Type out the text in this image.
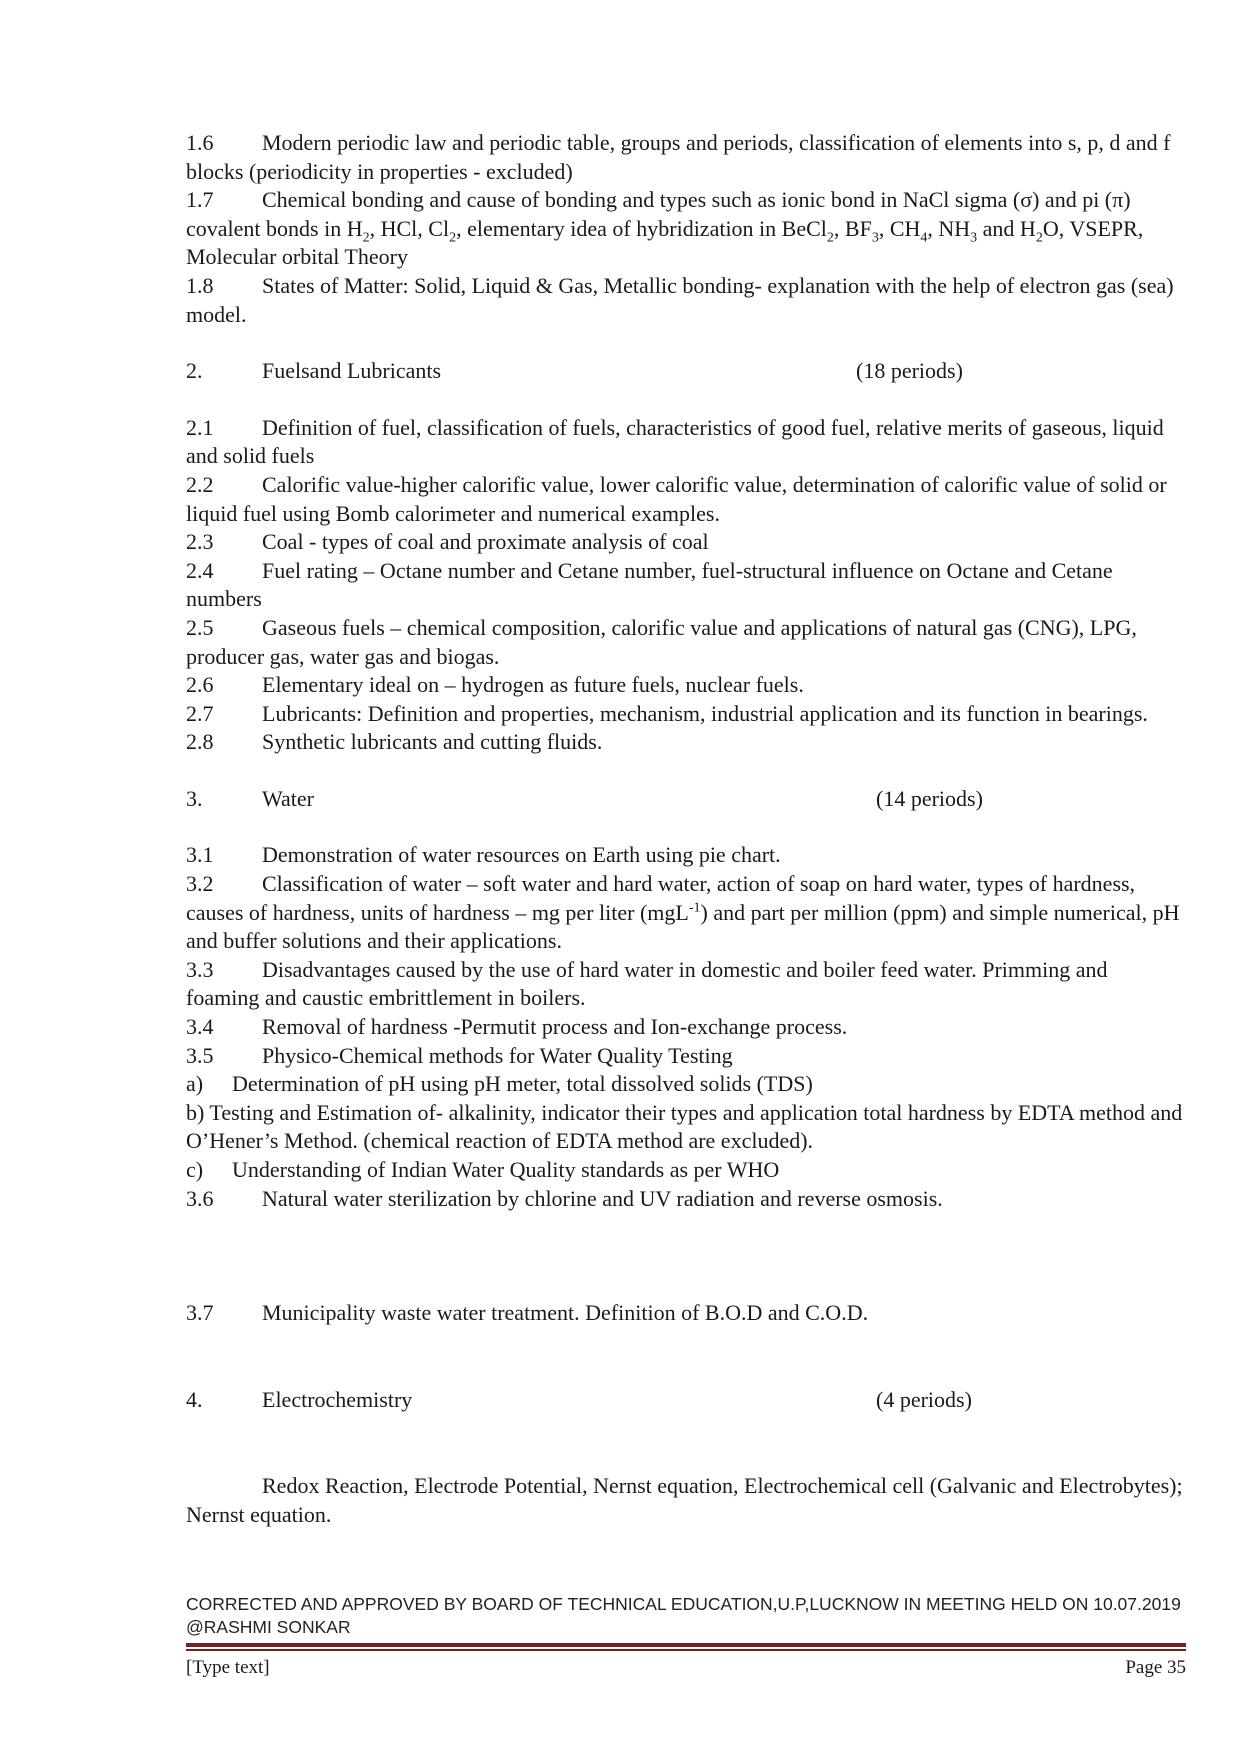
1.6 Modern periodic law and periodic table, groups and periods, classification of elements into s, p, d and f blocks (periodicity in properties - excluded)

1.7 Chemical bonding and cause of bonding and types such as ionic bond in NaCl sigma (σ) and pi (π) covalent bonds in $H_2$, HCl, $Cl_2$, elementary idea of hybridization in BeCl$_2$, $BF_3$, $CH_4$, $NH_3$ and $H_2O$, VSEPR, Molecular orbital Theory

1.8 States of Matter: Solid, Liquid & Gas, Metallic bonding- explanation with the help of electron gas (sea) model.

2.	Fuelsand Lubricants	(18 periods)

2.1 Definition of fuel, classification of fuels, characteristics of good fuel, relative merits of gaseous, liquid and solid fuels

2.2 Calorific value-higher calorific value, lower calorific value, determination of calorific value of solid or liquid fuel using Bomb calorimeter and numerical examples.

2.3 Coal - types of coal and proximate analysis of coal

2.4 Fuel rating – Octane number and Cetane number, fuel-structural influence on Octane and Cetane numbers

2.5 Gaseous fuels – chemical composition, calorific value and applications of natural gas (CNG), LPG, producer gas, water gas and biogas.

2.6 Elementary ideal on – hydrogen as future fuels, nuclear fuels.

2.7 Lubricants: Definition and properties, mechanism, industrial application and its function in bearings.

2.8 Synthetic lubricants and cutting fluids.

3.	Water	(14 periods)

3.1 Demonstration of water resources on Earth using pie chart.

3.2 Classification of water – soft water and hard water, action of soap on hard water, types of hardness, causes of hardness, units of hardness – mg per liter (mgL$^{-1}$) and part per million (ppm) and simple numerical, pH and buffer solutions and their applications.

3.3 Disadvantages caused by the use of hard water in domestic and boiler feed water. Primming and foaming and caustic embrittlement in boilers.

3.4 Removal of hardness -Permutit process and Ion-exchange process.

3.5 Physico-Chemical methods for Water Quality Testing

a) Determination of pH using pH meter, total dissolved solids (TDS)

b) Testing and Estimation of- alkalinity, indicator their types and application total hardness by EDTA method and O’Hener’s Method. (chemical reaction of EDTA method are excluded).

c) Understanding of Indian Water Quality standards as per WHO

3.6 Natural water sterilization by chlorine and UV radiation and reverse osmosis.

3.7 Municipality waste water treatment. Definition of B.O.D and C.O.D.

4.	Electrochemistry	(4 periods)

Redox Reaction, Electrode Potential, Nernst equation, Electrochemical cell (Galvanic and Electrobytes); Nernst equation.

CORRECTED AND APPROVED BY BOARD OF TECHNICAL EDUCATION,U.P,LUCKNOW IN MEETING HELD ON 10.07.2019 @RASHMI SONKAR
[Type text]	Page 35
